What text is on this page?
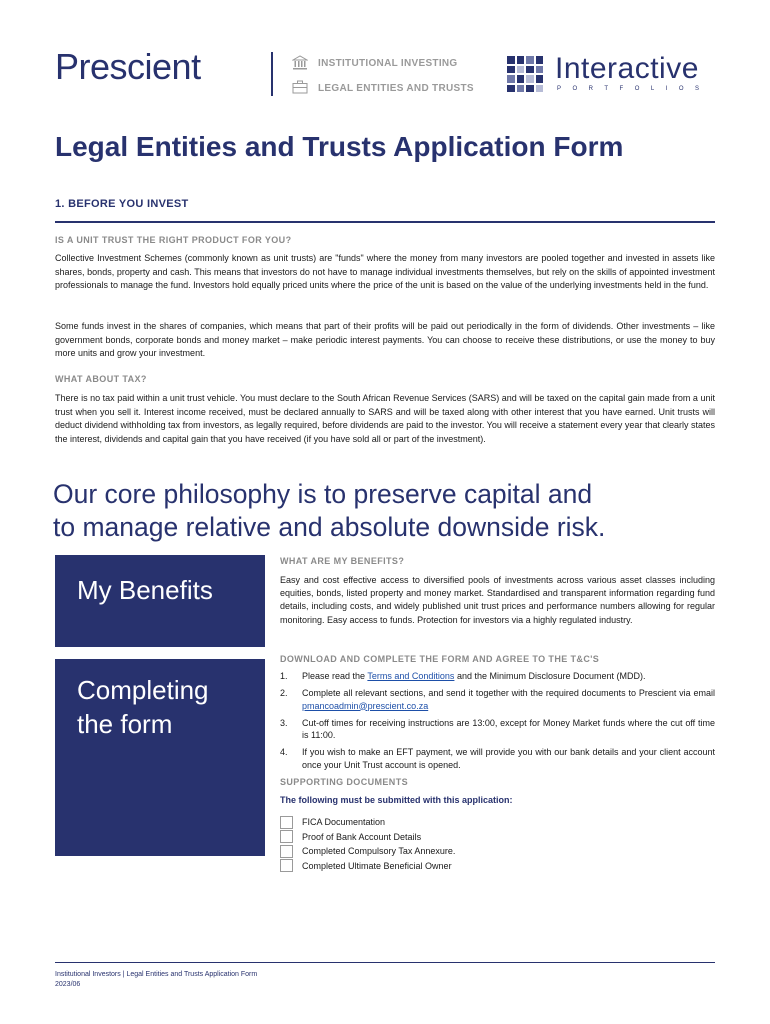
Prescient	INSTITUTIONAL INVESTING
LEGAL ENTITIES AND TRUSTS
Interactive
PORTFOLIOS
Legal Entities and Trusts Application Form
1. BEFORE YOU INVEST
IS A UNIT TRUST THE RIGHT PRODUCT FOR YOU?
Collective Investment Schemes (commonly known as unit trusts) are "funds" where the money from many investors are pooled together and invested in assets like shares, bonds, property and cash. This means that investors do not have to manage individual investments themselves, but rely on the skills of appointed investment professionals to manage the fund. Investors hold equally priced units where the price of the unit is based on the value of the underlying investments held in the fund.
Some funds invest in the shares of companies, which means that part of their profits will be paid out periodically in the form of dividends. Other investments – like government bonds, corporate bonds and money market – make periodic interest payments. You can choose to receive these distributions, or use the money to buy more units and grow your investment.
WHAT ABOUT TAX?
There is no tax paid within a unit trust vehicle. You must declare to the South African Revenue Services (SARS) and will be taxed on the capital gain made from a unit trust when you sell it. Interest income received, must be declared annually to SARS and will be taxed along with other interest that you have earned. Unit trusts will deduct dividend withholding tax from investors, as legally required, before dividends are paid to the investor. You will receive a statement every year that clearly states the interest, dividends and capital gain that you have received (if you have sold all or part of the investment).
Our core philosophy is to preserve capital and
to manage relative and absolute downside risk.
My Benefits
WHAT ARE MY BENEFITS?
Easy and cost effective access to diversified pools of investments across various asset classes including equities, bonds, listed property and money market. Standardised and transparent information regarding fund details, including costs, and widely published unit trust prices and performance numbers allowing for regular monitoring. Easy access to funds. Protection for investors via a highly regulated industry.
Completing
the form
DOWNLOAD AND COMPLETE THE FORM AND AGREE TO THE T&C'S
1.	Please read the Terms and Conditions and the Minimum Disclosure Document (MDD).
2.	Complete all relevant sections, and send it together with the required documents to Prescient via email pmancoadmin@prescient.co.za
3.	Cut-off times for receiving instructions are 13:00, except for Money Market funds where the cut off time is 11:00.
4.	If you wish to make an EFT payment, we will provide you with our bank details and your client account once your Unit Trust account is opened.
SUPPORTING DOCUMENTS
The following must be submitted with this application:
FICA Documentation
Proof of Bank Account Details
Completed Compulsory Tax Annexure.
Completed Ultimate Beneficial Owner
Institutional Investors | Legal Entities and Trusts Application Form
2023/06
